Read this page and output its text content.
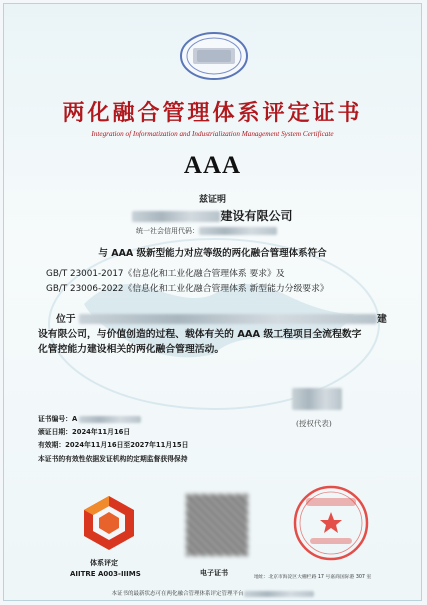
两化融合管理体系评定证书
Integration of Informatization and Industrialization Management System Certificate
AAA
兹证明
建设有限公司
统一社会信用代码：
与 AAA 级新型能力对应等级的两化融合管理体系符合
GB/T 23001-2017《信息化和工业化融合管理体系 要求》及
GB/T 23006-2022《信息化和工业化融合管理体系 新型能力分级要求》
位于	建
设有限公司，与价值创造的过程、载体有关的 AAA 级工程项目全流程数字
化管控能力建设相关的两化融合管理活动。
证书编号：A
颁证日期：2024年11月16日
有效期：2024年11月16日至2027年11月15日
本证书的有效性依据发证机构的定期监督获得保持
(授权代表)
体系评定
AIITRE A003-IIIMS	电子证书
地址：北京市海淀区大栅栏路 17 号嘉商国际港 307 室
本证书的最新状态可在两化融合管理体系评定管理平台
